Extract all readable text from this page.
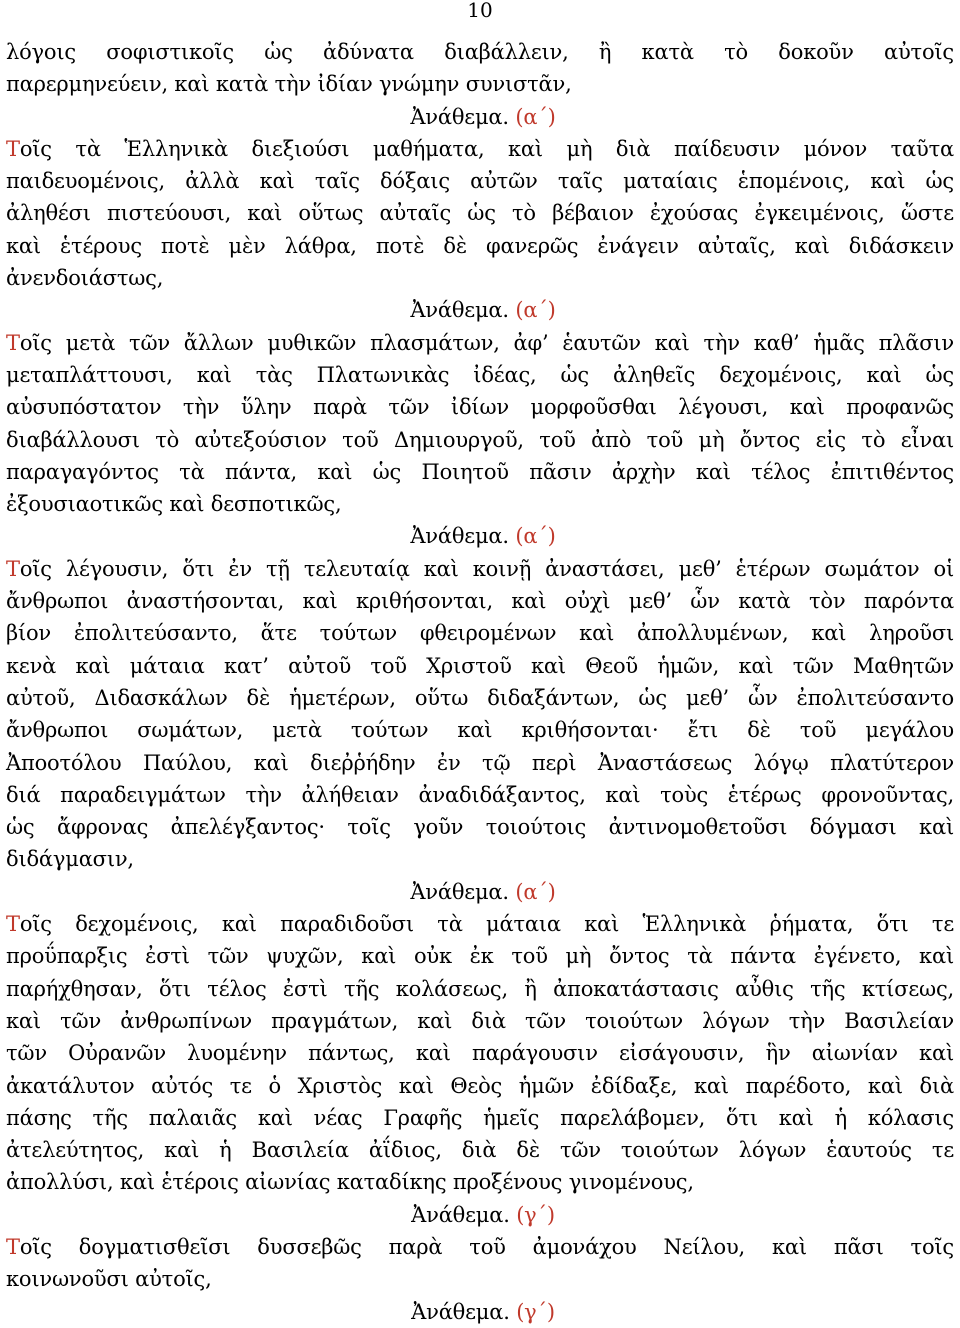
10
λόγοις σοφιστικοῖς ὡς ἀδύνατα διαβάλλειν, ἢ κατὰ τὸ δοκοῦν αὐτοῖς
παρερμηνεύειν, καὶ κατὰ τὴν ἰδίαν γνώμην συνιστᾶν,
Ἀνάθεμα. (α΄)
Τοῖς τὰ Ἑλληνικὰ διεξιούσι μαθήματα, καὶ μὴ διὰ παίδευσιν μόνον ταῦτα
παιδευομένοις, ἀλλὰ καὶ ταῖς δόξαις αὐτῶν ταῖς ματαίαις ἑπομένοις, καὶ ὡς
ἀληθέσι πιστεύουσι, καὶ οὕτως αὐταῖς ὡς τὸ βέβαιον ἐχούσας ἐγκειμένοις, ὥστε
καὶ ἑτέρους ποτὲ μὲν λάθρα, ποτὲ δὲ φανερῶς ἐνάγειν αὐταῖς, καὶ διδάσκειν
ἀνενδοιάστως,
Ἀνάθεμα. (α΄)
Τοῖς μετὰ τῶν ἄλλων μυθικῶν πλασμάτων, ἀφ’ ἑαυτῶν καὶ τὴν καθ’ ἡμᾶς πλᾶσιν
μεταπλάττουσι, καὶ τὰς Πλατωνικὰς ἰδέας, ὡς ἀληθεῖς δεχομένοις, καὶ ὡς
αὐσυπόστατον τὴν ὕλην παρὰ τῶν ἰδίων μορφοῦσθαι λέγουσι, καὶ προφανῶς
διαβάλλουσι τὸ αὐτεξούσιον τοῦ Δημιουργοῦ, τοῦ ἀπὸ τοῦ μὴ ὄντος εἰς τὸ εἶναι
παραγαγόντος τὰ πάντα, καὶ ὡς Ποιητοῦ πᾶσιν ἀρχὴν καὶ τέλος ἐπιτιθέντος
ἐξουσιαοτικῶς καὶ δεσποτικῶς,
Ἀνάθεμα. (α΄)
Τοῖς λέγουσιν, ὅτι ἐν τῇ τελευταίᾳ καὶ κοινῇ ἀναστάσει, μεθ’ ἑτέρων σωμάτον οἱ
ἄνθρωποι ἀναστήσονται, καὶ κριθήσονται, καὶ οὐχὶ μεθ’ ὧν κατὰ τὸν παρόντα
βίον ἐπολιτεύσαντο, ἅτε τούτων φθειρομένων καὶ ἀπολλυμένων, καὶ ληροῦσι
κενὰ καὶ μάταια κατ’ αὐτοῦ τοῦ Χριστοῦ καὶ Θεοῦ ἡμῶν, καὶ τῶν Μαθητῶν
αὐτοῦ, Διδασκάλων δὲ ἡμετέρων, οὕτω διδαξάντων, ὡς μεθ’ ὧν ἐπολιτεύσαντο
ἄνθρωποι σωμάτων, μετὰ τούτων καὶ κριθήσονται· ἔτι δὲ τοῦ μεγάλου
Ἀποοτόλου Παύλου, καὶ διεῤῥήδην ἐν τῷ περὶ Ἀναστάσεως λόγῳ πλατύτερον
διά παραδειγμάτων τὴν ἀλήθειαν ἀναδιδάξαντος, καὶ τοὺς ἑτέρως φρονοῦντας,
ὡς ἄφρονας ἀπελέγξαντος· τοῖς γοῦν τοιούτοις ἀντινομοθετοῦσι δόγμασι καὶ
διδάγμασιν,
Ἀνάθεμα. (α΄)
Τοῖς δεχομένοις, καὶ παραδιδοῦσι τὰ μάταια καὶ Ἑλληνικὰ ῥήματα, ὅτι τε
προΰπαρξις ἐστὶ τῶν ψυχῶν, καὶ οὐκ ἐκ τοῦ μὴ ὄντος τὰ πάντα ἐγένετο, καὶ
παρήχθησαν, ὅτι τέλος ἐστὶ τῆς κολάσεως, ἢ ἀποκατάστασις αὖθις τῆς κτίσεως,
καὶ τῶν ἀνθρωπίνων πραγμάτων, καὶ διὰ τῶν τοιούτων λόγων τὴν Βασιλείαν
τῶν Οὐρανῶν λυομένην πάντως, καὶ παράγουσιν εἰσάγουσιν, ἣν αἰωνίαν καὶ
ἀκατάλυτον αὐτός τε ὁ Χριστὸς καὶ Θεὸς ἡμῶν ἐδίδαξε, καὶ παρέδοτο, καὶ διὰ
πάσης τῆς παλαιᾶς καὶ νέας Γραφῆς ἡμεῖς παρελάβομεν, ὅτι καὶ ἡ κόλασις
ἀτελεύτητος, καὶ ἡ Βασιλεία ἀΐδιος, διὰ δὲ τῶν τοιούτων λόγων ἑαυτούς τε
ἀπολλύσι, καὶ ἑτέροις αἰωνίας καταδίκης προξένους γινομένους,
Ἀνάθεμα. (γ΄)
Τοῖς δογματισθεῖσι δυσσεβῶς παρὰ τοῦ ἀμονάχου Νείλου, καὶ πᾶσι τοῖς
κοινωνοῦσι αὐτοῖς,
Ἀνάθεμα. (γ΄)
